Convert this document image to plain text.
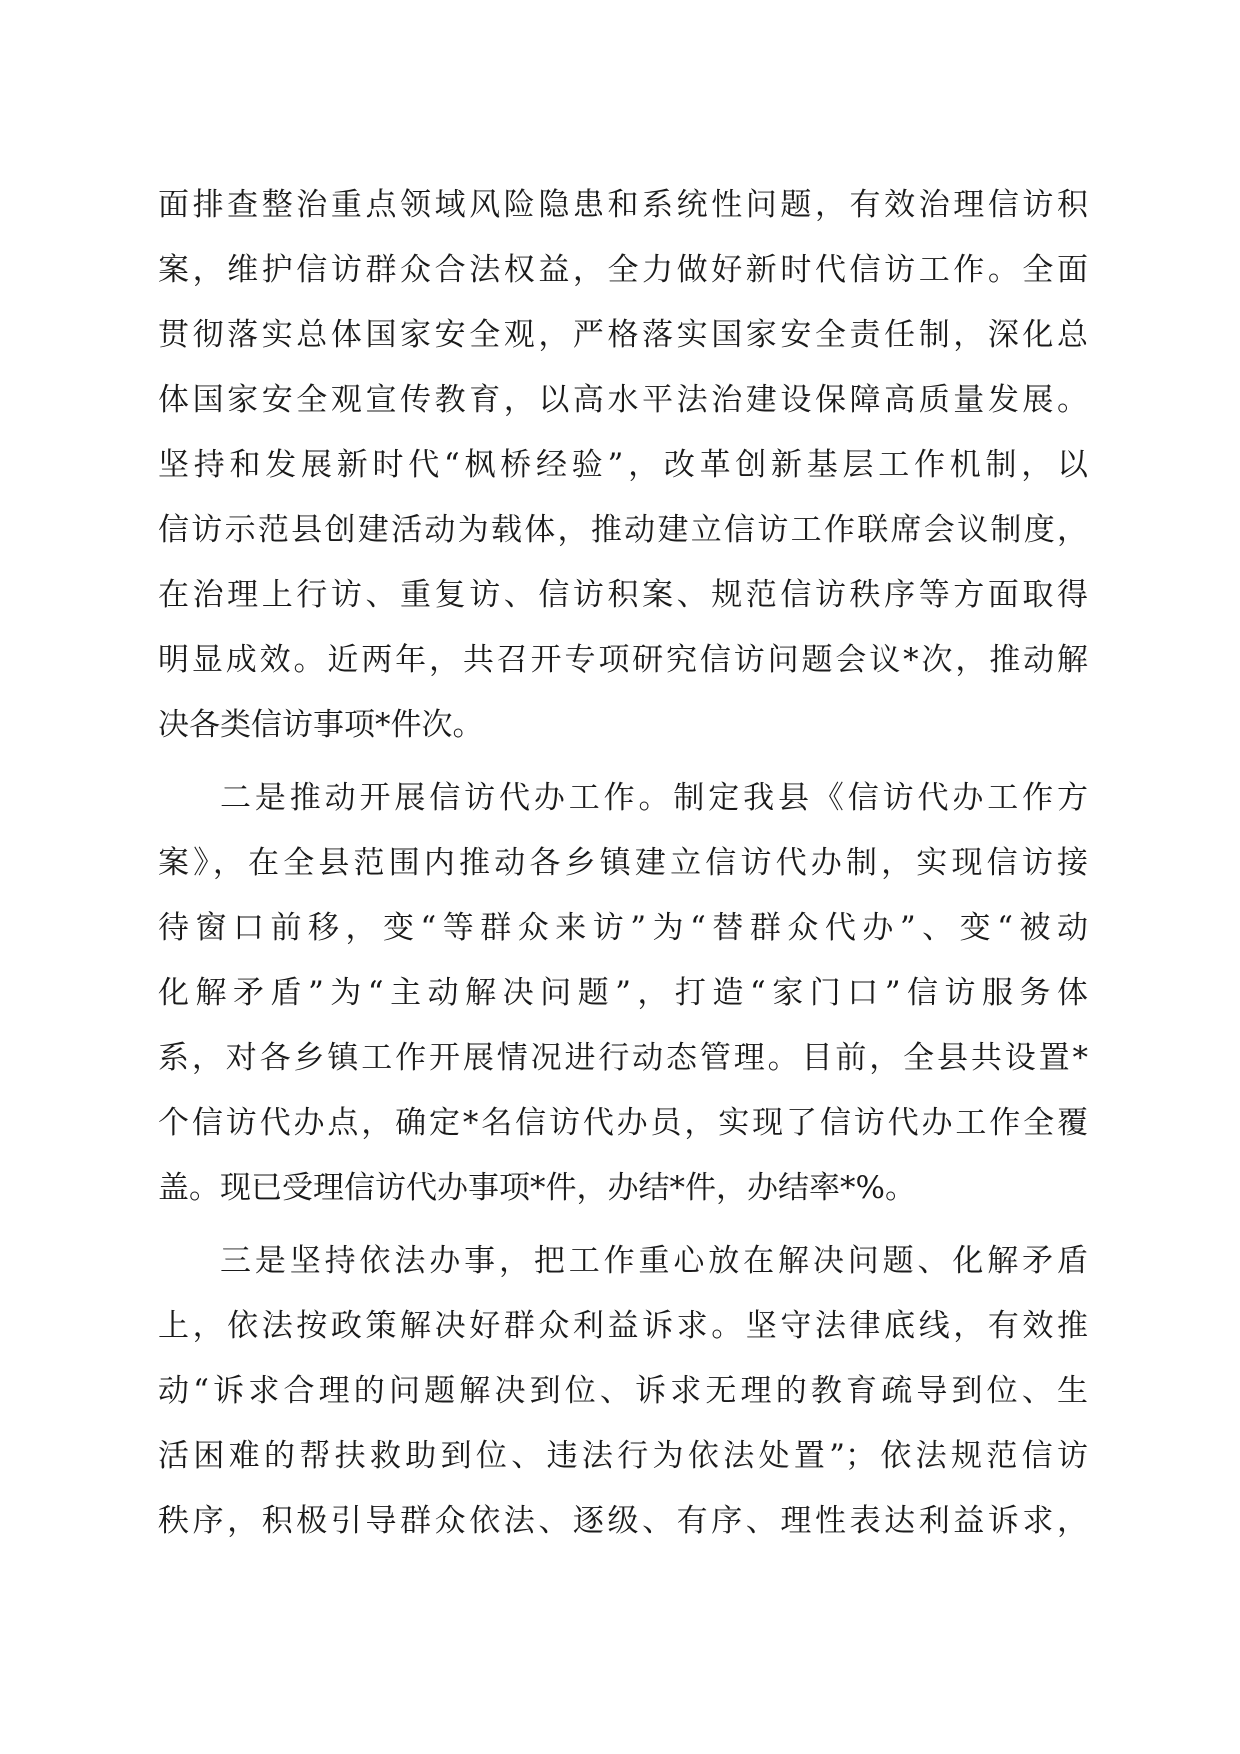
面排查整治重点领域风险隐患和系统性问题，有效治理信访积
案，维护信访群众合法权益，全力做好新时代信访工作。全面
贯彻落实总体国家安全观，严格落实国家安全责任制，深化总
体国家安全观宣传教育，以高水平法治建设保障高质量发展。
坚持和发展新时代“枫桥经验”，改革创新基层工作机制，以
信访示范县创建活动为载体，推动建立信访工作联席会议制度，
在治理上行访、重复访、信访积案、规范信访秩序等方面取得
明显成效。近两年，共召开专项研究信访问题会议*次，推动解
决各类信访事项*件次。
二是推动开展信访代办工作。制定我县《信访代办工作方
案》，在全县范围内推动各乡镇建立信访代办制，实现信访接
待窗口前移，变“等群众来访”为“替群众代办”、变“被动
化解矛盾”为“主动解决问题”，打造“家门口”信访服务体
系，对各乡镇工作开展情况进行动态管理。目前，全县共设置*
个信访代办点，确定*名信访代办员，实现了信访代办工作全覆
盖。现已受理信访代办事项*件，办结*件，办结率*%。
三是坚持依法办事，把工作重心放在解决问题、化解矛盾
上，依法按政策解决好群众利益诉求。坚守法律底线，有效推
动“诉求合理的问题解决到位、诉求无理的教育疏导到位、生
活困难的帮扶救助到位、违法行为依法处置”；依法规范信访
秩序，积极引导群众依法、逐级、有序、理性表达利益诉求，
